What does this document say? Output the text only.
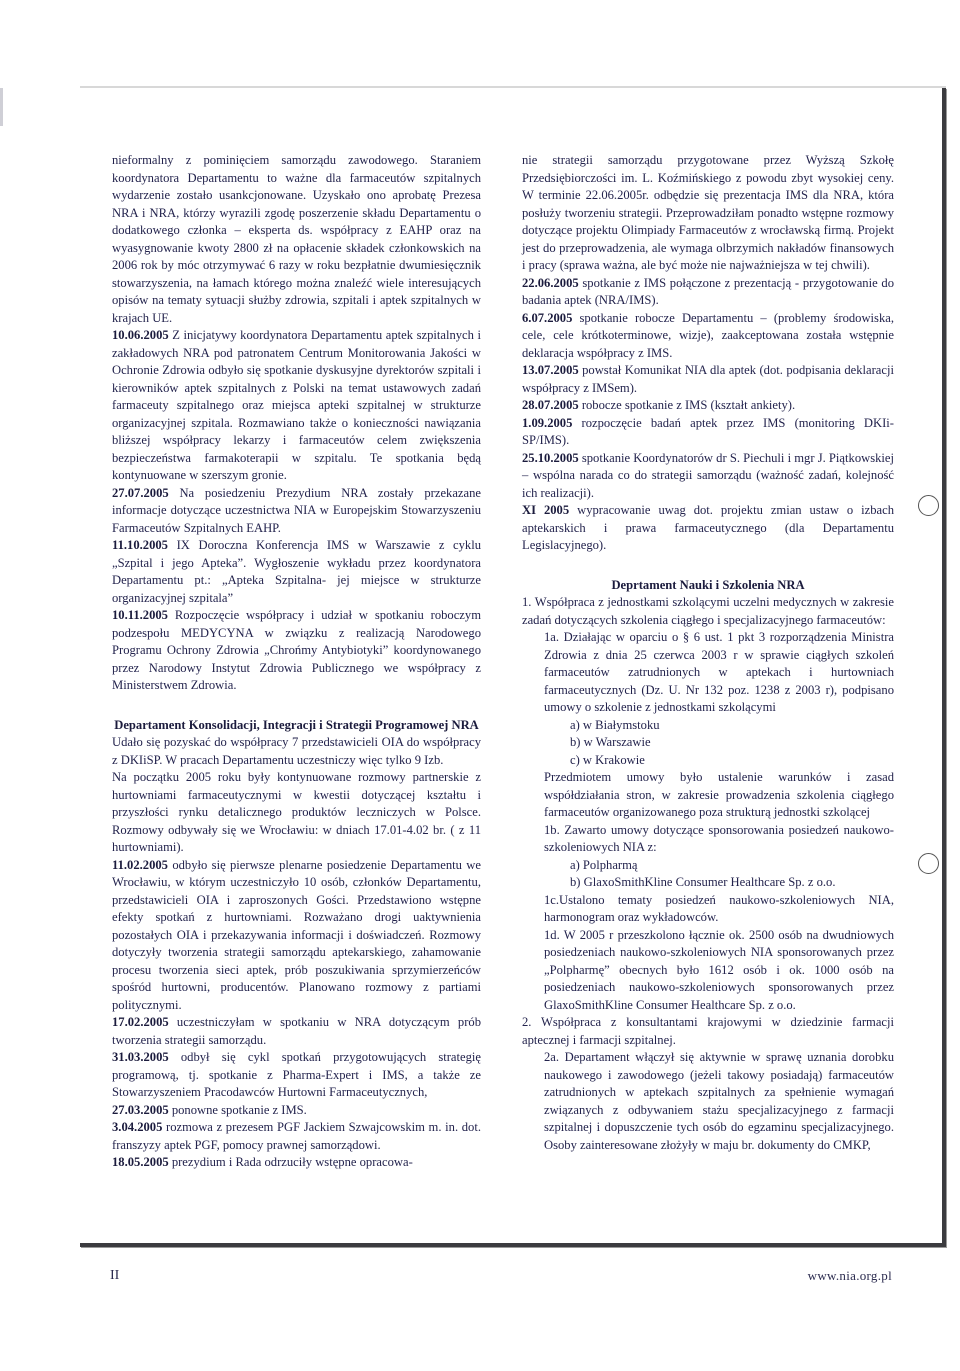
nieformalny z pominięciem samorządu zawodowego. Staraniem koordynatora Departamentu to ważne dla farmaceutów szpitalnych wydarzenie zostało usankcjonowane. Uzyskało ono aprobatę Prezesa NRA i NRA, którzy wyrazili zgodę poszerzenie składu Departamentu o dodatkowego członka – eksperta ds. współpracy z EAHP oraz na wyasygnowanie kwoty 2800 zł na opłacenie składek członkowskich na 2006 rok by móc otrzymywać 6 razy w roku bezpłatnie dwumiesięcznik stowarzyszenia, na łamach którego można znaleźć wiele interesujących opisów na tematy sytuacji służby zdrowia, szpitali i aptek szpitalnych w krajach UE.

10.06.2005 Z inicjatywy koordynatora Departamentu aptek szpitalnych i zakładowych NRA pod patronatem Centrum Monitorowania Jakości w Ochronie Zdrowia odbyło się spotkanie dyskusyjne dyrektorów szpitali i kierowników aptek szpitalnych z Polski na temat ustawowych zadań farmaceuty szpitalnego oraz miejsca apteki szpitalnej w strukturze organizacyjnej szpitala. Rozmawiano także o konieczności nawiązania bliższej współpracy lekarzy i farmaceutów celem zwiększenia bezpieczeństwa farmakoterapii w szpitalu. Te spotkania będą kontynuowane w szerszym gronie.

27.07.2005 Na posiedzeniu Prezydium NRA zostały przekazane informacje dotyczące uczestnictwa NIA w Europejskim Stowarzyszeniu Farmaceutów Szpitalnych EAHP.

11.10.2005 IX Doroczna Konferencja IMS w Warszawie z cyklu „Szpital i jego Apteka”. Wygłoszenie wykładu przez koordynatora Departamentu pt.: „Apteka Szpitalna- jej miejsce w strukturze organizacyjnej szpitala”

10.11.2005 Rozpoczęcie współpracy i udział w spotkaniu roboczym podzespołu MEDYCYNA w związku z realizacją Narodowego Programu Ochrony Zdrowia „Chrońmy Antybiotyki” koordynowanego przez Narodowy Instytut Zdrowia Publicznego we współpracy z Ministerstwem Zdrowia.

Departament Konsolidacji, Integracji i Strategii Programowej NRA

Udało się pozyskać do współpracy 7 przedstawicieli OIA do współpracy z DKIiSP. W pracach Departamentu uczestniczy więc tylko 9 Izb.

Na początku 2005 roku były kontynuowane rozmowy partnerskie z hurtowniami farmaceutycznymi w kwestii dotyczącej kształtu i przyszłości rynku detalicznego produktów leczniczych w Polsce. Rozmowy odbywały się we Wrocławiu: w dniach 17.01-4.02 br. ( z 11 hurtowniami).

11.02.2005 odbyło się pierwsze plenarne posiedzenie Departamentu we Wrocławiu, w którym uczestniczyło 10 osób, członków Departamentu, przedstawicieli OIA i zaproszonych Gości. Przedstawiono wstępne efekty spotkań z hurtowniami. Rozważano drogi uaktywnienia pozostałych OIA i przekazywania informacji i doświadczeń. Rozmowy dotyczyły tworzenia strategii samorządu aptekarskiego, zahamowanie procesu tworzenia sieci aptek, prób poszukiwania sprzymierzeńców spośród hurtowni, producentów. Planowano rozmowy z partiami politycznymi.

17.02.2005 uczestniczyłam w spotkaniu w NRA dotyczącym prób tworzenia strategii samorządu.

31.03.2005 odbył się cykl spotkań przygotowujących strategię programową, tj. spotkanie z Pharma-Expert i IMS, a także ze Stowarzyszeniem Pracodawców Hurtowni Farmaceutycznych,

27.03.2005 ponowne spotkanie z IMS.

3.04.2005 rozmowa z prezesem PGF Jackiem Szwajcowskim m. in. dot. franszyzy aptek PGF, pomocy prawnej samorządowi.

18.05.2005 prezydium i Rada odrzuciły wstępne opracowa-

nie strategii samorządu przygotowane przez Wyższą Szkołę Przedsiębiorczości im. L. Koźmińskiego z powodu zbyt wysokiej ceny. W terminie 22.06.2005r. odbędzie się prezentacja IMS dla NRA, która posłuży tworzeniu strategii. Przeprowadziłam ponadto wstępne rozmowy dotyczące projektu Olimpiady Farmaceutów z wrocławską firmą. Projekt jest do przeprowadzenia, ale wymaga olbrzymich nakładów finansowych i pracy (sprawa ważna, ale być może nie najważniejsza w tej chwili).

22.06.2005 spotkanie z IMS połączone z prezentacją - przygotowanie do badania aptek (NRA/IMS).

6.07.2005 spotkanie robocze Departamentu – (problemy środowiska, cele, cele krótkoterminowe, wizje), zaakceptowana została wstępnie deklaracja współpracy z IMS.

13.07.2005 powstał Komunikat NIA dla aptek (dot. podpisania deklaracji współpracy z IMSem).

28.07.2005 robocze spotkanie z IMS (kształt ankiety).

1.09.2005 rozpoczęcie badań aptek przez IMS (monitoring DKIi-SP/IMS).

25.10.2005 spotkanie Koordynatorów dr S. Piechuli i mgr J. Piątkowskiej – wspólna narada co do strategii samorządu (ważność zadań, kolejność ich realizacji).

XI 2005 wypracowanie uwag dot. projektu zmian ustaw o izbach aptekarskich i prawa farmaceutycznego (dla Departamentu Legislacyjnego).

Deprtament Nauki i Szkolenia NRA

1. Współpraca z jednostkami szkolącymi uczelni medycznych w zakresie zadań dotyczących szkolenia ciągłego i specjalizacyjnego farmaceutów:

1a. Działając w oparciu o § 6 ust. 1 pkt 3 rozporządzenia Ministra Zdrowia z dnia 25 czerwca 2003 r w sprawie ciągłych szkoleń farmaceutów zatrudnionych w aptekach i hurtowniach farmaceutycznych (Dz. U. Nr 132 poz. 1238 z 2003 r), podpisano umowy o szkolenie z jednostkami szkolącymi

a) w Białymstoku

b) w Warszawie

c) w Krakowie

Przedmiotem umowy było ustalenie warunków i zasad współdziałania stron, w zakresie prowadzenia szkolenia ciągłego farmaceutów organizowanego poza strukturą jednostki szkolącej

1b. Zawarto umowy dotyczące sponsorowania posiedzeń naukowo-szkoleniowych NIA z:

a) Polpharmą

b) GlaxoSmithKline Consumer Healthcare Sp. z o.o.

1c.Ustalono tematy posiedzeń naukowo-szkoleniowych NIA, harmonogram oraz wykładowców.

1d. W 2005 r przeszkolono łącznie ok. 2500 osób na dwudniowych posiedzeniach naukowo-szkoleniowych NIA sponsorowanych przez „Polpharmę” obecnych było 1612 osób i ok. 1000 osób na posiedzeniach naukowo-szkoleniowych sponsorowanych przez GlaxoSmithKline Consumer Healthcare Sp. z o.o.

2. Współpraca z konsultantami krajowymi w dziedzinie farmacji aptecznej i farmacji szpitalnej.

2a. Departament włączył się aktywnie w sprawę uznania dorobku naukowego i zawodowego (jeżeli takowy posiadają) farmaceutów zatrudnionych w aptekach szpitalnych za spełnienie wymagań związanych z odbywaniem stażu specjalizacyjnego z farmacji szpitalnej i dopuszczenie tych osób do egzaminu specjalizacyjnego. Osoby zainteresowane złożyły w maju br. dokumenty do CMKP,

II	www.nia.org.pl
